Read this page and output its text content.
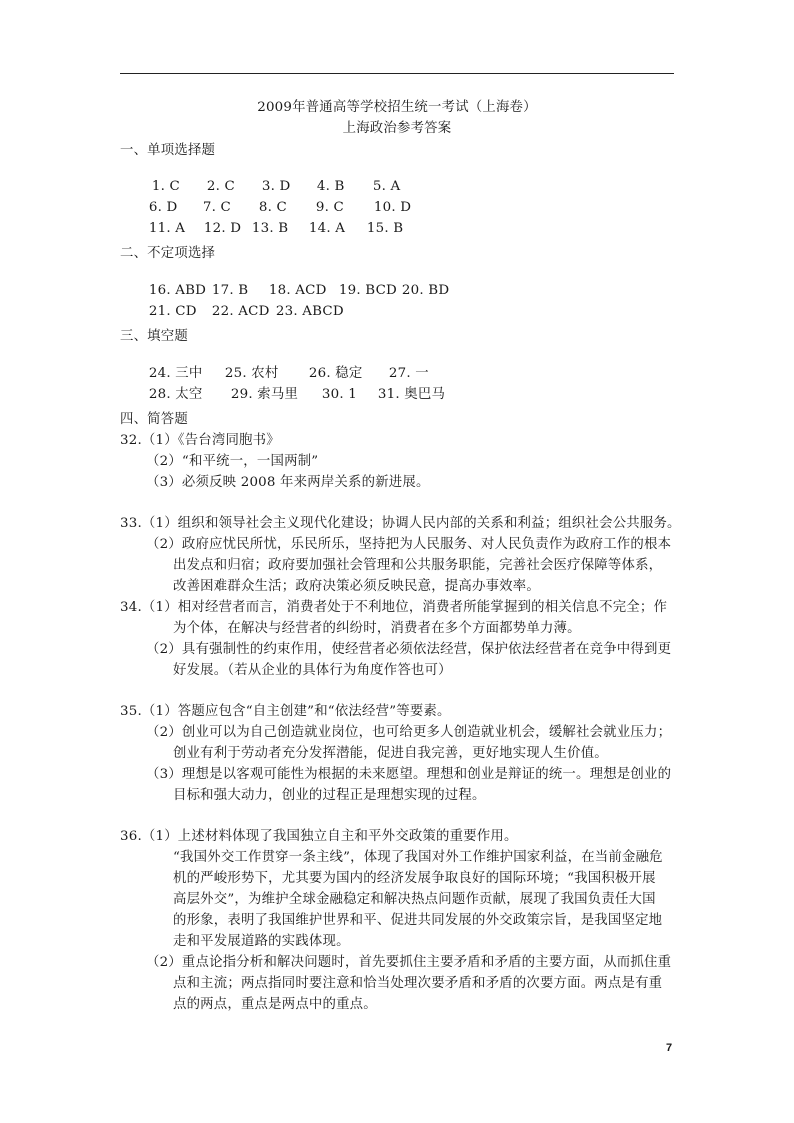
2009年普通高等学校招生统一考试（上海卷）
上海政治参考答案
一、单项选择题

1. C 2. C 3. D 4. B 5. A

6. D 7. C 8. C 9. C 10. D

11. A 12. D 13. B 14. A 15. B

二、不定项选择

16. ABD 17. B 18. ACD 19. BCD 20. BD

21. CD 22. ACD 23. ABCD

三、填空题

24. 三中 25. 农村 26. 稳定 27. 一

28. 太空 29. 索马里 30. 1 31. 奥巴马

四、简答题
32.（1）《告台湾同胞书》
（2）“和平统一，一国两制”
（3）必须反映 2008 年来两岸关系的新进展。
33.（1）组织和领导社会主义现代化建设；协调人民内部的关系和利益；组织社会公共服务。
（2）政府应忧民所忧，乐民所乐，坚持把为人民服务、对人民负责作为政府工作的根本
出发点和归宿；政府要加强社会管理和公共服务职能，完善社会医疗保障等体系，
改善困难群众生活；政府决策必须反映民意，提高办事效率。
34.（1）相对经营者而言，消费者处于不利地位，消费者所能掌握到的相关信息不完全；作
为个体，在解决与经营者的纠纷时，消费者在多个方面都势单力薄。
（2）具有强制性的约束作用，使经营者必须依法经营，保护依法经营者在竞争中得到更
好发展。（若从企业的具体行为角度作答也可）
35.（1）答题应包含“自主创建”和“依法经营”等要素。
（2）创业可以为自己创造就业岗位，也可给更多人创造就业机会，缓解社会就业压力；
创业有利于劳动者充分发挥潜能，促进自我完善，更好地实现人生价值。
（3）理想是以客观可能性为根据的未来愿望。理想和创业是辩证的统一。理想是创业的
目标和强大动力，创业的过程正是理想实现的过程。
36.（1）上述材料体现了我国独立自主和平外交政策的重要作用。
“我国外交工作贯穿一条主线”，体现了我国对外工作维护国家利益，在当前金融危
机的严峻形势下，尤其要为国内的经济发展争取良好的国际环境；“我国积极开展
高层外交”，为维护全球金融稳定和解决热点问题作贡献，展现了我国负责任大国
的形象，表明了我国维护世界和平、促进共同发展的外交政策宗旨，是我国坚定地
走和平发展道路的实践体现。
（2）重点论指分析和解决问题时，首先要抓住主要矛盾和矛盾的主要方面，从而抓住重
点和主流；两点指同时要注意和恰当处理次要矛盾和矛盾的次要方面。两点是有重
点的两点，重点是两点中的重点。
7
